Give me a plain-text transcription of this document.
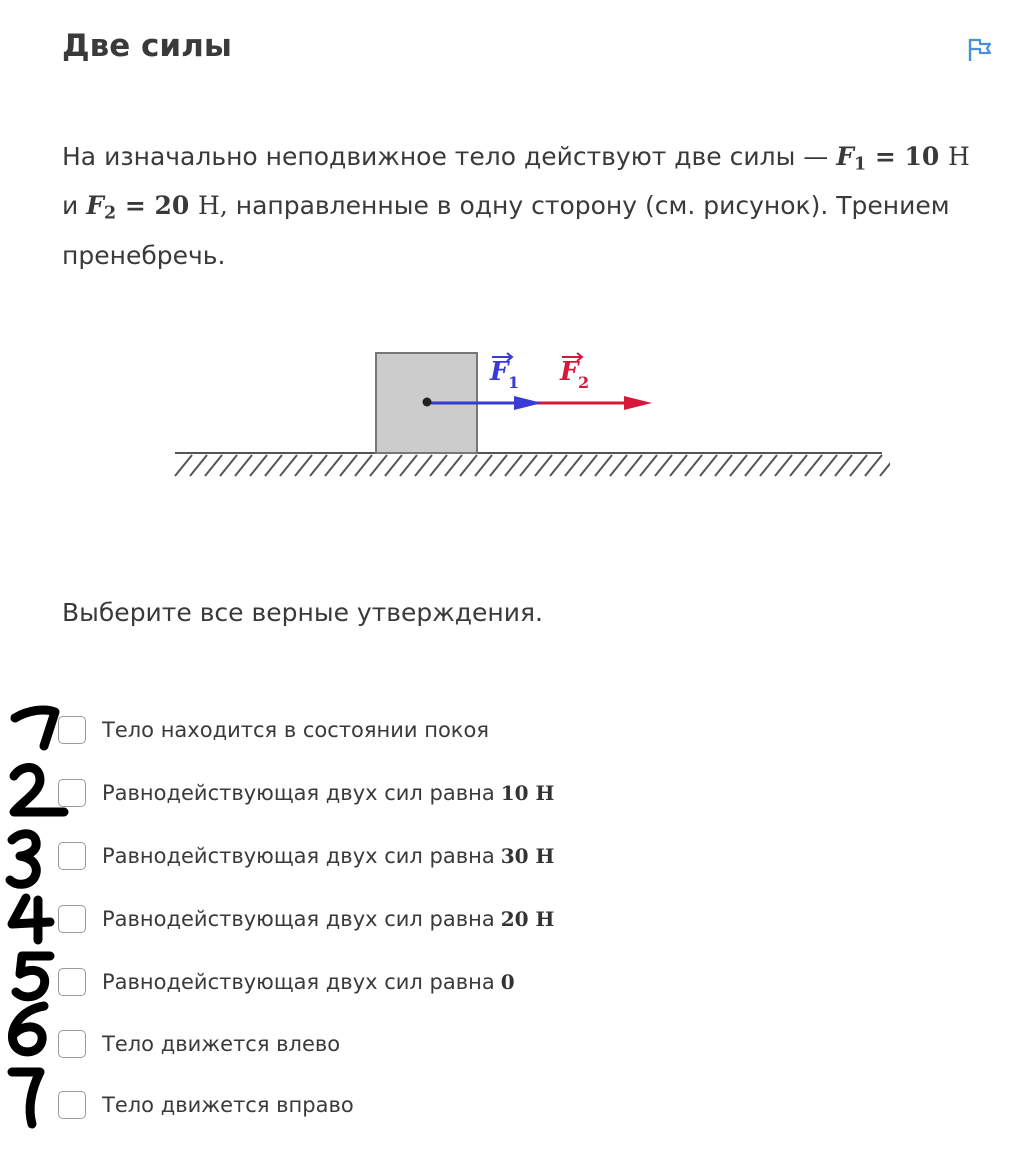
Две силы

На изначально неподвижное тело действуют две силы — $F_1 = 10$ Н и $F_2 = 20$ Н, направленные в одну сторону (см. рисунок). Трением пренебречь.

F 1 F 2

Выберите все верные утверждения.

Тело находится в состоянии покоя
Равнодействующая двух сил равна 10 Н
Равнодействующая двух сил равна 30 Н
Равнодействующая двух сил равна 20 Н
Равнодействующая двух сил равна 0
Тело движется влево
Тело движется вправо
